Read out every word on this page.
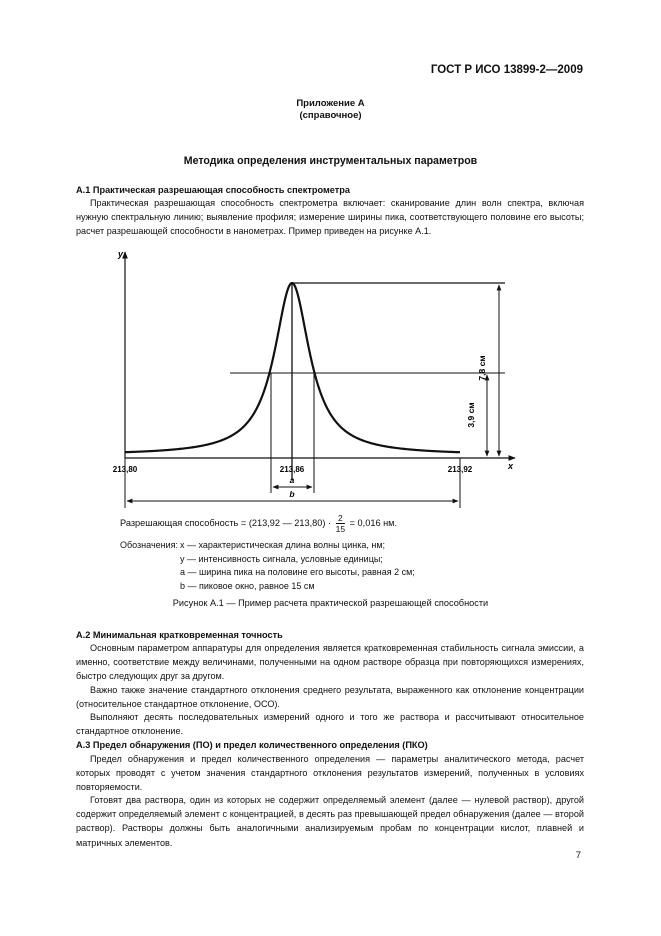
ГОСТ Р ИСО 13899-2—2009
Приложение А
(справочное)
Методика определения инструментальных параметров
А.1 Практическая разрешающая способность спектрометра
Практическая разрешающая способность спектрометра включает: сканирование длин волн спектра, включая нужную спектральную линию; выявление профиля; измерение ширины пика, соответствующего половине его высоты; расчет разрешающей способности в нанометрах. Пример приведен на рисунке А.1.
7,8 см
3,9 см
a
b
y
x
213,80	213,86	213,92
Разрешающая способность = (213,92 — $213,80) \cdot \frac{2}{15} = 0,016$ нм.
Обозначения: x — характеристическая длина волны цинка, нм;
y — интенсивность сигнала, условные единицы;
a — ширина пика на половине его высоты, равная 2 см;
b — пиковое окно, равное 15 см
Рисунок А.1 — Пример расчета практической разрешающей способности
А.2 Минимальная кратковременная точность
Основным параметром аппаратуры для определения является кратковременная стабильность сигнала эмиссии, а именно, соответствие между величинами, полученными на одном растворе образца при повторяющихся измерениях, быстро следующих друг за другом.
Важно также значение стандартного отклонения среднего результата, выраженного как отклонение концентрации (относительное стандартное отклонение, ОСО).
Выполняют десять последовательных измерений одного и того же раствора и рассчитывают относительное стандартное отклонение.
А.3 Предел обнаружения (ПО) и предел количественного определения (ПКО)
Предел обнаружения и предел количественного определения — параметры аналитического метода, расчет которых проводят с учетом значения стандартного отклонения результатов измерений, полученных в условиях повторяемости.
Готовят два раствора, один из которых не содержит определяемый элемент (далее — нулевой раствор), другой содержит определяемый элемент с концентрацией, в десять раз превышающей предел обнаружения (далее — второй раствор). Растворы должны быть аналогичными анализируемым пробам по концентрации кислот, плавней и матричных элементов.
7
